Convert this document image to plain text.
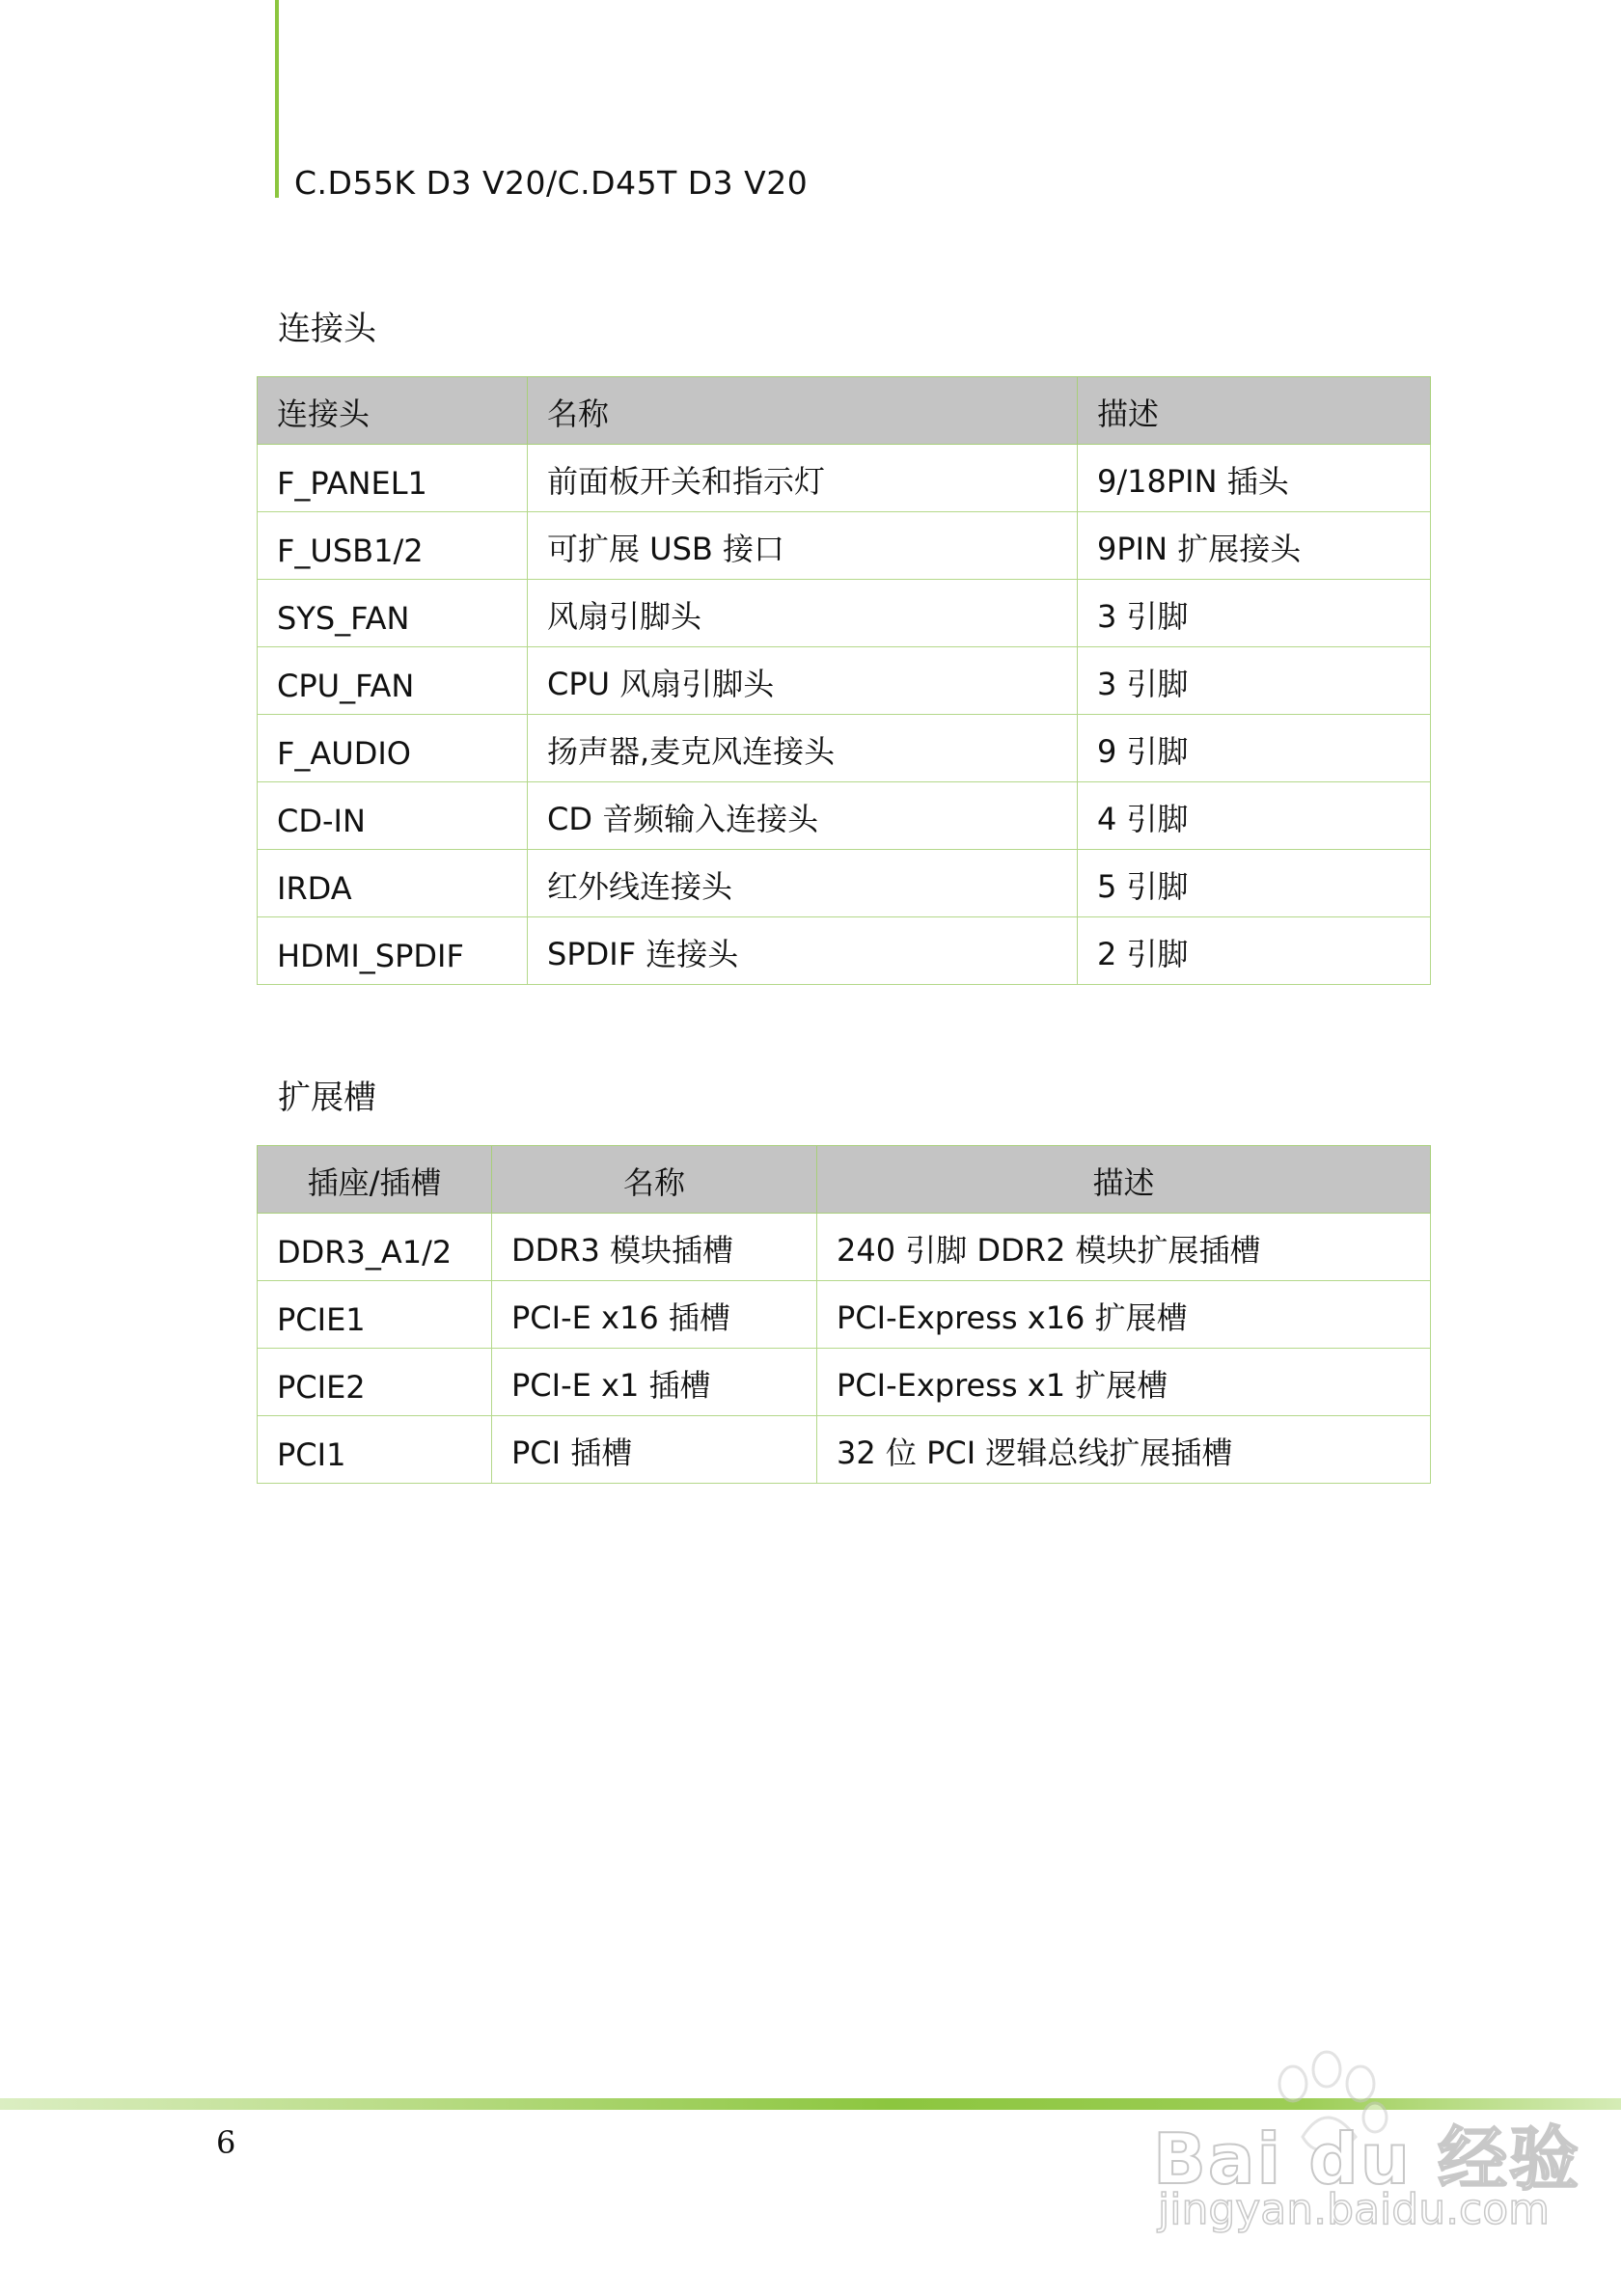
C.D55K D3 V20/C.D45T D3 V20
连接头
连接头	名称	描述
F_PANEL1	前面板开关和指示灯	9/18PIN 插头
F_USB1/2	可扩展 USB 接口	9PIN 扩展接头
SYS_FAN	风扇引脚头	3 引脚
CPU_FAN	CPU 风扇引脚头	3 引脚
F_AUDIO	扬声器,麦克风连接头	9 引脚
CD-IN	CD 音频输入连接头	4 引脚
IRDA	红外线连接头	5 引脚
HDMI_SPDIF	SPDIF 连接头	2 引脚
扩展槽
插座/插槽	名称	描述
DDR3_A1/2	DDR3 模块插槽	240 引脚 DDR2 模块扩展插槽
PCIE1	PCI-E x16 插槽	PCI-Express x16 扩展槽
PCIE2	PCI-E x1 插槽	PCI-Express x1 扩展槽
PCI1	PCI 插槽	32 位 PCI 逻辑总线扩展插槽
6	Bai du 经验
jingyan.baidu.com
